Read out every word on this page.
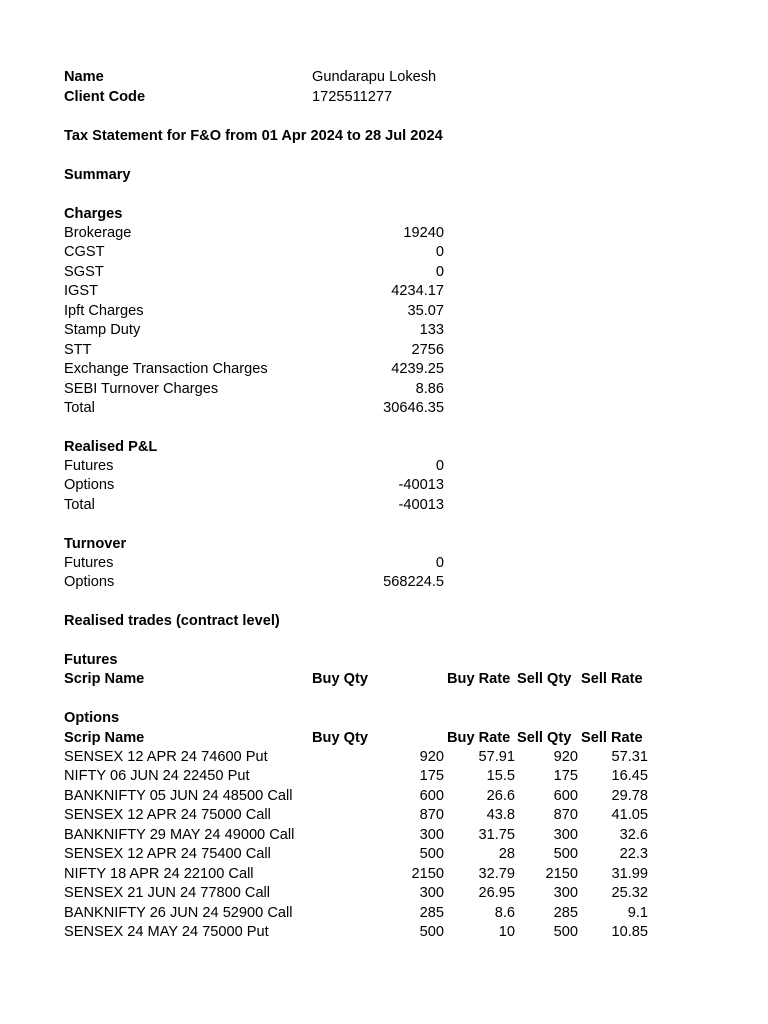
Name	Gundarapu Lokesh
Client Code	1725511277
Tax Statement for F&O from 01 Apr 2024 to 28 Jul 2024
Summary
Charges
Brokerage	19240
CGST	0
SGST	0
IGST	4234.17
Ipft Charges	35.07
Stamp Duty	133
STT	2756
Exchange Transaction Charges	4239.25
SEBI Turnover Charges	8.86
Total	30646.35
Realised P&L
Futures	0
Options	-40013
Total	-40013
Turnover
Futures	0
Options	568224.5
Realised trades (contract level)
Futures
Scrip Name	Buy Qty	Buy Rate Sell Qty Sell Rate
Options
Scrip Name	Buy Qty	Buy Rate Sell Qty Sell Rate
SENSEX 12 APR 24 74600 Put	920 57.91	920 57.31
NIFTY 06 JUN 24 22450 Put	175	15.5	175 16.45
BANKNIFTY 05 JUN 24 48500 Call	600	26.6	600 29.78
SENSEX 12 APR 24 75000 Call	870	43.8	870 41.05
BANKNIFTY 29 MAY 24 49000 Call	300 31.75	300	32.6
SENSEX 12 APR 24 75400 Call	500	28	500	22.3
NIFTY 18 APR 24 22100 Call	2150 32.79 2150 31.99
SENSEX 21 JUN 24 77800 Call	300 26.95	300 25.32
BANKNIFTY 26 JUN 24 52900 Call	285	8.6	285	9.1
SENSEX 24 MAY 24 75000 Put	500	10	500 10.85
